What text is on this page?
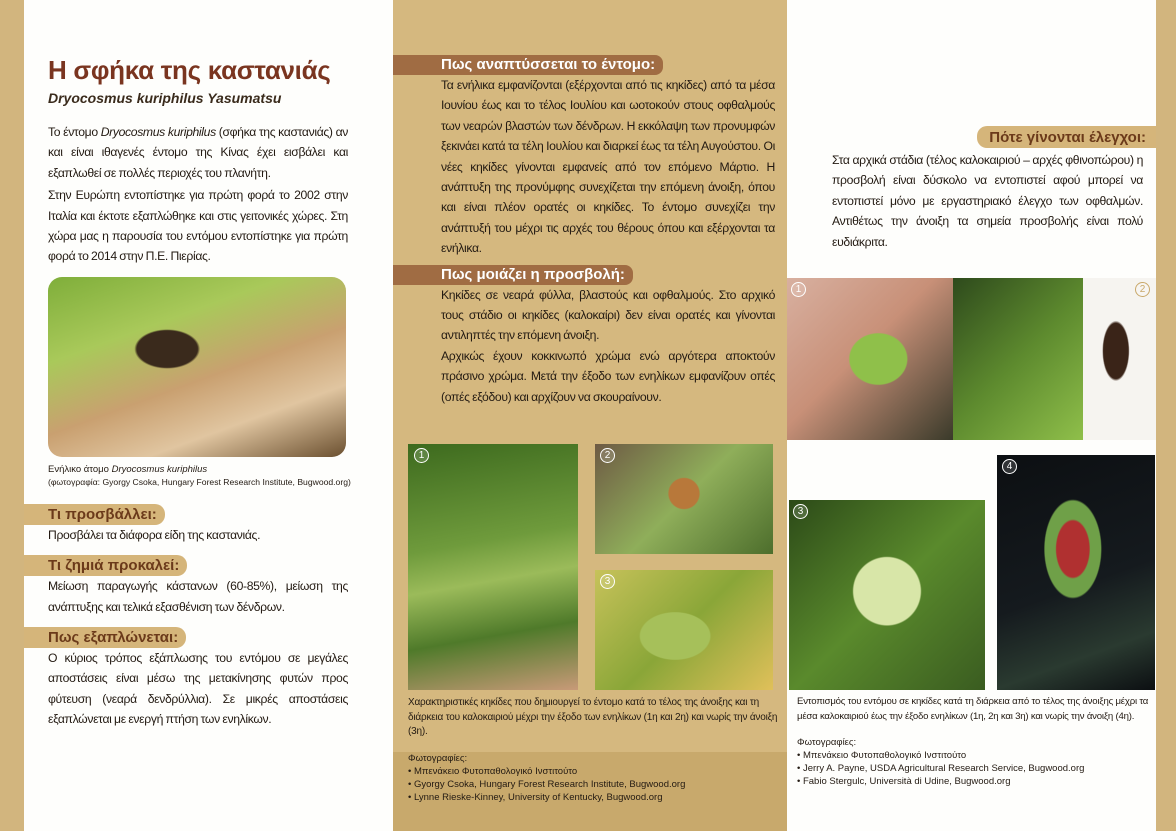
Η σφήκα της καστανιάς
Dryocosmus kuriphilus Yasumatsu
Το έντομο Dryocosmus kuriphilus (σφήκα της καστανιάς) αν και είναι ιθαγενές έντομο της Κίνας έχει εισβάλει και εξαπλωθεί σε πολλές περιοχές του πλανήτη.
Στην Ευρώπη εντοπίστηκε για πρώτη φορά το 2002 στην Ιταλία και έκτοτε εξαπλώθηκε και στις γειτονικές χώρες. Στη χώρα μας η παρουσία του εντόμου εντοπίστηκε για πρώτη φορά το 2014 στην Π.Ε. Πιερίας.
Ενήλικο άτομο Dryocosmus kuriphilus
(φωτογραφία: Gyorgy Csoka, Hungary Forest Research Institute, Bugwood.org)
Τι προσβάλλει:
Προσβάλει τα διάφορα είδη της καστανιάς.
Τι ζημιά προκαλεί:
Μείωση παραγωγής κάστανων (60-85%), μείωση της ανάπτυξης και τελικά εξασθένιση των δένδρων.
Πως εξαπλώνεται:
Ο κύριος τρόπος εξάπλωσης του εντόμου σε μεγάλες αποστάσεις είναι μέσω της μετακίνησης φυτών προς φύτευση (νεαρά δενδρύλλια). Σε μικρές αποστάσεις εξαπλώνεται με ενεργή πτήση των ενηλίκων.
Πως αναπτύσσεται το έντομο:
Τα ενήλικα εμφανίζονται (εξέρχονται από τις κηκίδες) από τα μέσα Ιουνίου έως και το τέλος Ιουλίου και ωοτοκούν στους οφθαλμούς των νεαρών βλαστών των δένδρων. Η εκκόλαψη των προνυμφών ξεκινάει κατά τα τέλη Ιουλίου και διαρκεί έως τα τέλη Αυγούστου. Οι νέες κηκίδες γίνονται εμφανείς από τον επόμενο Μάρτιο. Η ανάπτυξη της προνύμφης συνεχίζεται την επόμενη άνοιξη, όπου και είναι πλέον ορατές οι κηκίδες. Το έντομο συνεχίζει την ανάπτυξή του μέχρι τις αρχές του θέρους όπου και εξέρχονται τα ενήλικα.
Πως μοιάζει η προσβολή:
Κηκίδες σε νεαρά φύλλα, βλαστούς και οφθαλμούς. Στο αρχικό τους στάδιο οι κηκίδες (καλοκαίρι) δεν είναι ορατές και γίνονται αντιληπτές την επόμενη άνοιξη.
Αρχικώς έχουν κοκκινωπό χρώμα ενώ αργότερα αποκτούν πράσινο χρώμα. Μετά την έξοδο των ενηλίκων εμφανίζουν οπές (οπές εξόδου) και αρχίζουν να σκουραίνουν.
1	2
3
Χαρακτηριστικές κηκίδες που δημιουργεί το έντομο κατά το τέλος της άνοιξης και τη διάρκεια του καλοκαιριού μέχρι την έξοδο των ενηλίκων (1η και 2η) και νωρίς την άνοιξη (3η).
Φωτογραφίες:
• Μπενάκειο Φυτοπαθολογικό Ινστιτούτο
• Gyorgy Csoka, Hungary Forest Research Institute, Bugwood.org
• Lynne Rieske-Kinney, University of Kentucky, Bugwood.org
Πότε γίνονται έλεγχοι:
Στα αρχικά στάδια (τέλος καλοκαιριού – αρχές φθινοπώρου) η προσβολή είναι δύσκολο να εντοπιστεί αφού μπορεί να εντοπιστεί μόνο με εργαστηριακό έλεγχο των οφθαλμών. Αντιθέτως την άνοιξη τα σημεία προσβολής είναι πολύ ευδιάκριτα.
1	2
3
4
Εντοπισμός του εντόμου σε κηκίδες κατά τη διάρκεια από το τέλος της άνοιξης μέχρι τα μέσα καλοκαιριού έως την έξοδο ενηλίκων (1η, 2η και 3η) και νωρίς την άνοιξη (4η).
Φωτογραφίες:
• Μπενάκειο Φυτοπαθολογικό Ινστιτούτο
• Jerry A. Payne, USDA Agricultural Research Service, Bugwood.org
• Fabio Stergulc, Università di Udine, Bugwood.org
